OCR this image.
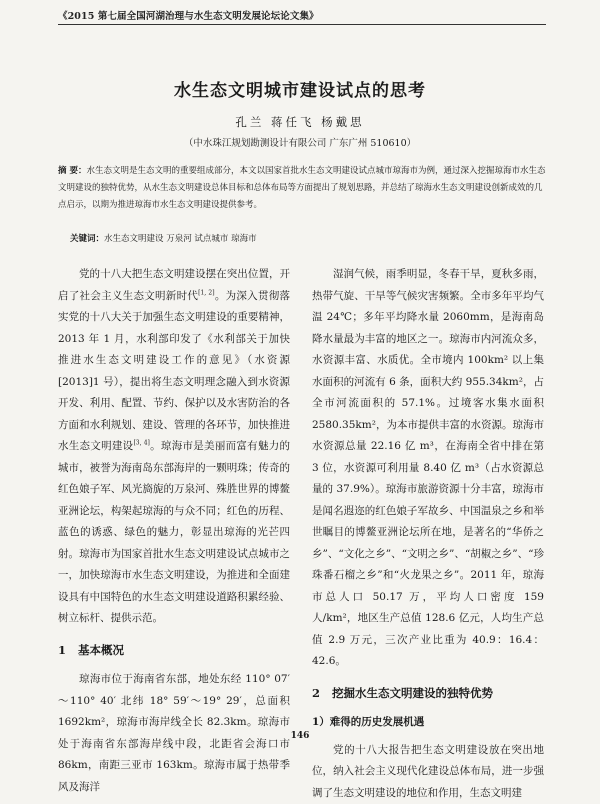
《2015 第七届全国河湖治理与水生态文明发展论坛论文集》
水生态文明城市建设试点的思考
孔兰 蒋任飞 杨戴思
（中水珠江规划勘测设计有限公司 广东广州 510610）
摘 要：水生态文明是生态文明的重要组成部分，本文以国家首批水生态文明建设试点城市琼海市为例，通过深入挖掘琼海市水生态文明建设的独特优势，从水生态文明建设总体目标和总体布局等方面提出了规划思路，并总结了琼海水生态文明建设创新成效的几点启示，以期为推进琼海市水生态文明建设提供参考。
关键词：水生态文明建设 万泉河 试点城市 琼海市

党的十八大把生态文明建设摆在突出位置，开启了社会主义生态文明新时代[1, 2]。为深入贯彻落实党的十八大关于加强生态文明建设的重要精神，2013 年 1 月，水利部印发了《水利部关于加快推进水生态文明建设工作的意见》（水资源[2013]1 号），提出将生态文明理念融入到水资源开发、利用、配置、节约、保护以及水害防治的各方面和水利规划、建设、管理的各环节，加快推进水生态文明建设[3, 4]。琼海市是美丽而富有魅力的城市，被誉为海南岛东部海岸的一颗明珠；传奇的红色娘子军、风光旖旎的万泉河、殊胜世界的博鳌亚洲论坛，构架起琼海的与众不同；红色的历程、蓝色的诱惑、绿色的魅力，彰显出琼海的光芒四射。琼海市为国家首批水生态文明建设试点城市之一，加快琼海市水生态文明建设，为推进和全面建设具有中国特色的水生态文明建设道路积累经验、树立标杆、提供示范。

1 基本概况

琼海市位于海南省东部，地处东经 110° 07′～110° 40′ 北纬 18° 59′～19° 29′，总面积 1692km²，琼海市海岸线全长 82.3km。琼海市处于海南省东部海岸线中段，北距省会海口市 86km，南距三亚市 163km。琼海市属于热带季风及海洋

湿润气候，雨季明显，冬春干旱，夏秋多雨，热带气旋、干旱等气候灾害频繁。全市多年平均气温 24℃；多年平均降水量 2060mm，是海南岛降水量最为丰富的地区之一。琼海市内河流众多，水资源丰富、水质优。全市境内 100km² 以上集水面积的河流有 6 条，面积大约 955.34km²，占全市河流面积的 57.1%。过境客水集水面积 2580.35km²，为本市提供丰富的水资源。琼海市水资源总量 22.16 亿 m³，在海南全省中排在第 3 位，水资源可利用量 8.40 亿 m³（占水资源总量的 37.9%）。琼海市旅游资源十分丰富，琼海市是闻名遐迩的红色娘子军故乡、中国温泉之乡和举世瞩目的博鳌亚洲论坛所在地，是著名的“华侨之乡”、“文化之乡”、“文明之乡”、“胡椒之乡”、“珍珠番石榴之乡”和“火龙果之乡”。2011 年，琼海市总人口 50.17 万，平均人口密度 159 人/km²，地区生产总值 128.6 亿元，人均生产总值 2.9 万元，三次产业比重为 40.9：16.4：42.6。

2 挖掘水生态文明建设的独特优势
1）难得的历史发展机遇

党的十八大报告把生态文明建设放在突出地位，纳入社会主义现代化建设总体布局，进一步强调了生态文明建设的地位和作用，生态文明建

146
